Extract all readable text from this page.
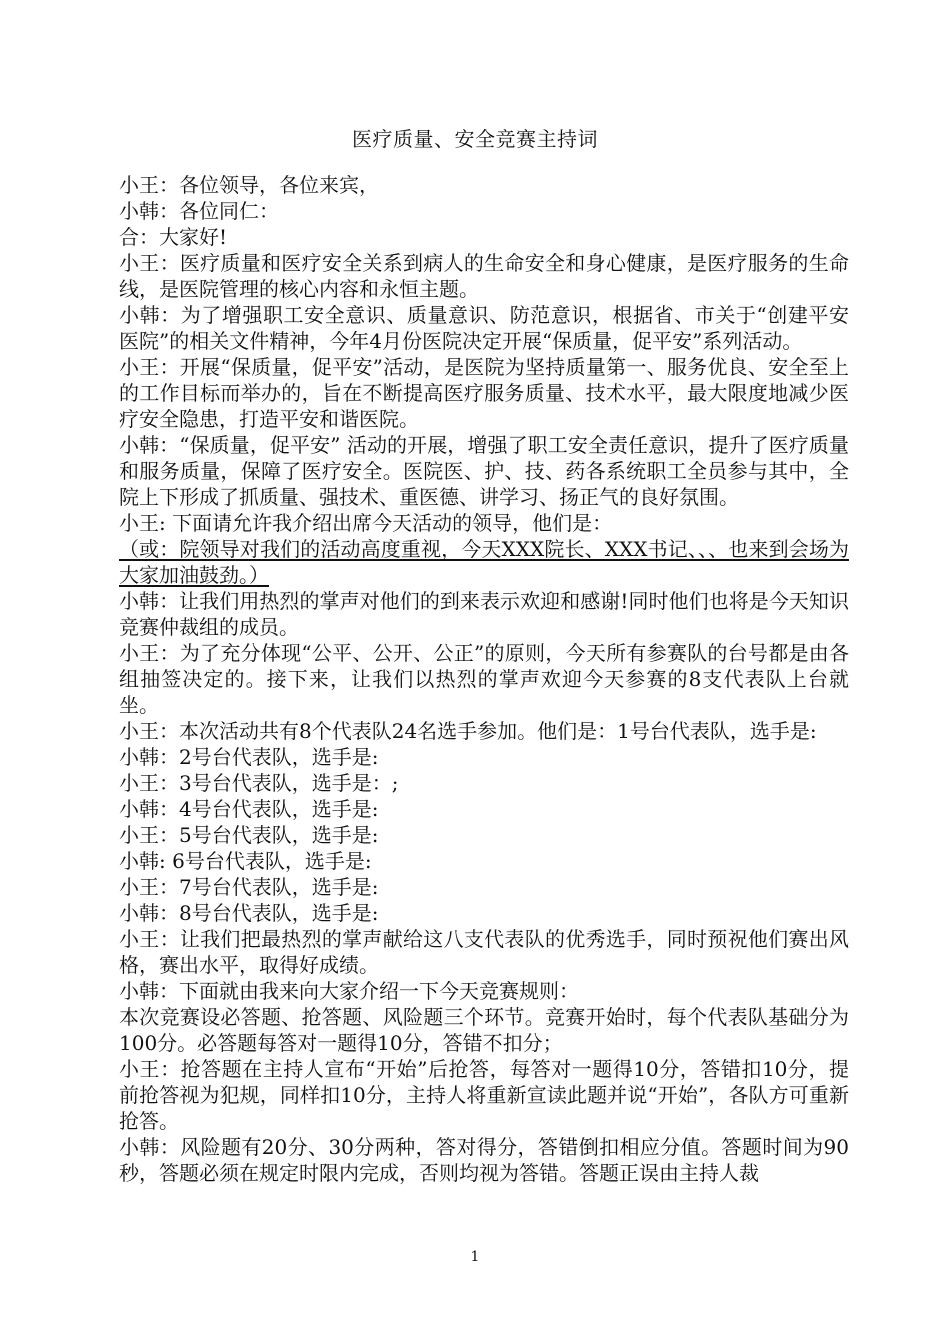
医疗质量、安全竞赛主持词

小王：各位领导，各位来宾，

小韩：各位同仁：

合：大家好!

小王：医疗质量和医疗安全关系到病人的生命安全和身心健康，是医疗服务的生命线，是医院管理的核心内容和永恒主题。

小韩：为了增强职工安全意识、质量意识、防范意识，根据省、市关于“创建平安医院”的相关文件精神，今年4月份医院决定开展“保质量，促平安”系列活动。

小王：开展“保质量，促平安”活动，是医院为坚持质量第一、服务优良、安全至上的工作目标而举办的，旨在不断提高医疗服务质量、技术水平，最大限度地减少医疗安全隐患，打造平安和谐医院。

小韩：“保质量，促平安” 活动的开展，增强了职工安全责任意识，提升了医疗质量和服务质量，保障了医疗安全。医院医、护、技、药各系统职工全员参与其中，全院上下形成了抓质量、强技术、重医德、讲学习、扬正气的良好氛围。

小王: 下面请允许我介绍出席今天活动的领导，他们是：

（或：院领导对我们的活动高度重视，今天XXX院长、XXX书记、、、也来到会场为大家加油鼓劲。）

小韩：让我们用热烈的掌声对他们的到来表示欢迎和感谢!同时他们也将是今天知识竞赛仲裁组的成员。

小王：为了充分体现“公平、公开、公正”的原则，今天所有参赛队的台号都是由各组抽签决定的。接下来，让我们以热烈的掌声欢迎今天参赛的8支代表队上台就坐。

小王：本次活动共有8个代表队24名选手参加。他们是：1号台代表队，选手是:

小韩：2号台代表队，选手是:

小王：3号台代表队，选手是：;

小韩：4号台代表队，选手是:

小王：5号台代表队，选手是:

小韩: 6号台代表队，选手是:

小王：7号台代表队，选手是:

小韩：8号台代表队，选手是:

小王：让我们把最热烈的掌声献给这八支代表队的优秀选手，同时预祝他们赛出风格，赛出水平，取得好成绩。

小韩：下面就由我来向大家介绍一下今天竞赛规则：

本次竞赛设必答题、抢答题、风险题三个环节。竞赛开始时，每个代表队基础分为100分。必答题每答对一题得10分，答错不扣分；

小王：抢答题在主持人宣布“开始”后抢答，每答对一题得10分，答错扣10分，提前抢答视为犯规，同样扣10分，主持人将重新宣读此题并说“开始”，各队方可重新抢答。

小韩：风险题有20分、30分两种，答对得分，答错倒扣相应分值。答题时间为90秒，答题必须在规定时限内完成，否则均视为答错。答题正误由主持人裁

1
